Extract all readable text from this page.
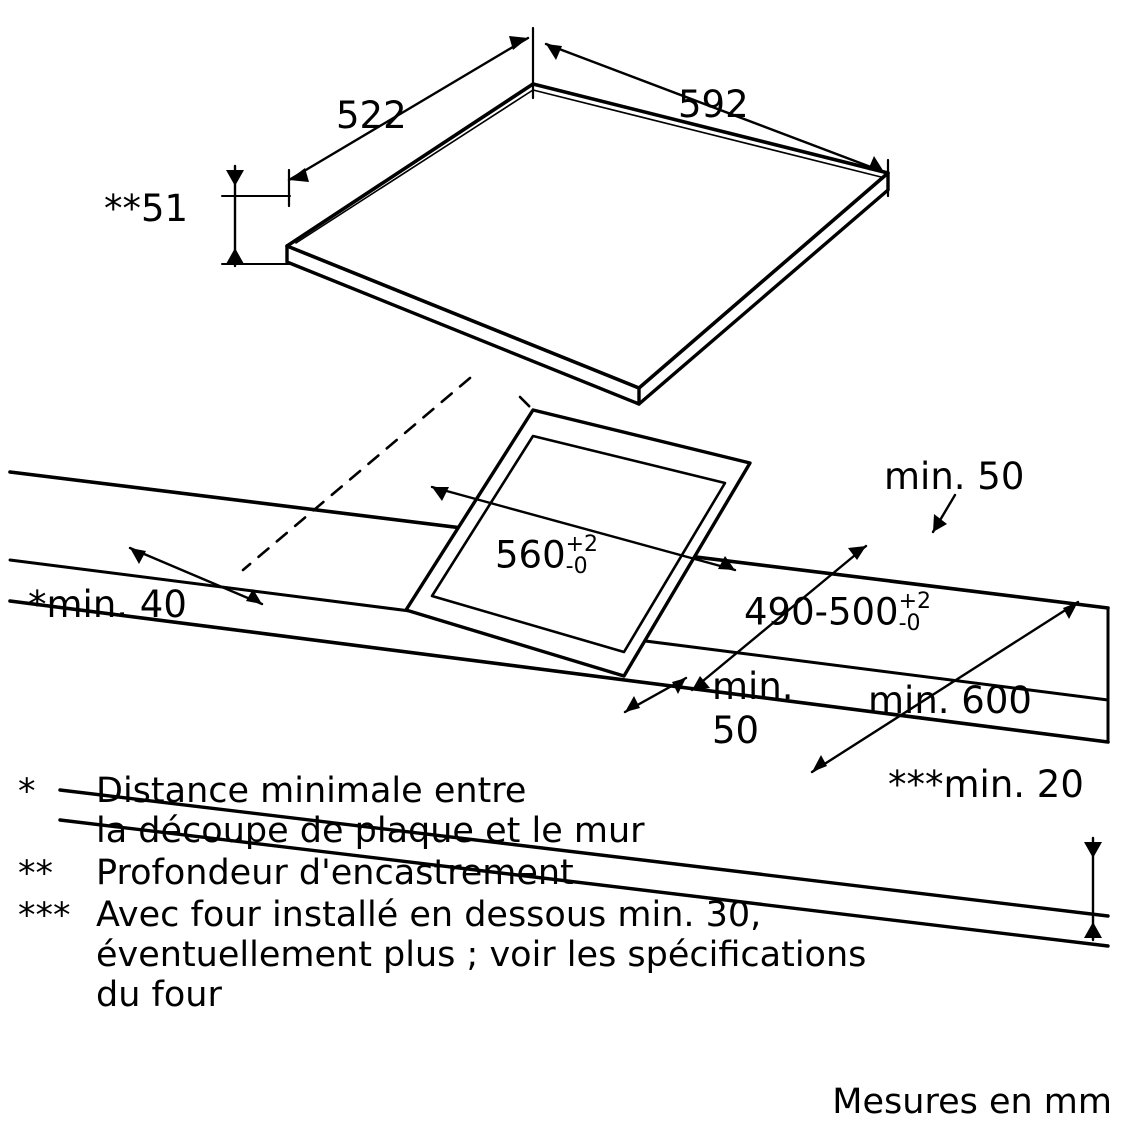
522	592
**51
560 +2
-0
490-500 +2
-0
*min. 40
min. 50
min.
50
min. 600
***min. 20
*	Distance minimale entre
la découpe de plaque et le mur
**	Profondeur d'encastrement
*** Avec four installé en dessous min. 30,
éventuellement plus ; voir les spécifications
du four
Mesures en mm
